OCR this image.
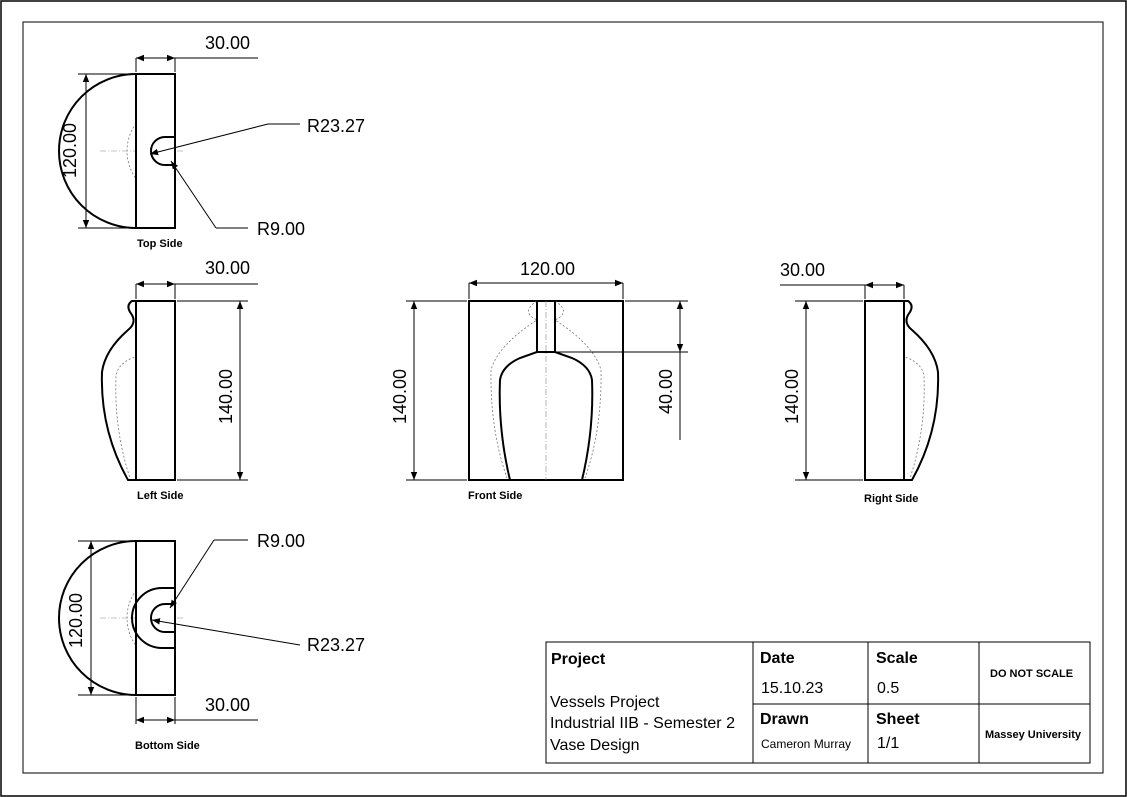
30.00
120.00	R23.27
R9.00
Top Side
30.00
140.00
Left Side
120.00
140.00	40.00
Front Side
30.00
140.00
Right Side
30.00
120.00
R9.00
R23.27
Bottom Side
Project
Vessels Project
Industrial IIB - Semester 2
Vase Design
Date
15.10.23
Scale
0.5
Drawn
Cameron Murray
Sheet
1/1
DO NOT SCALE
Massey University
